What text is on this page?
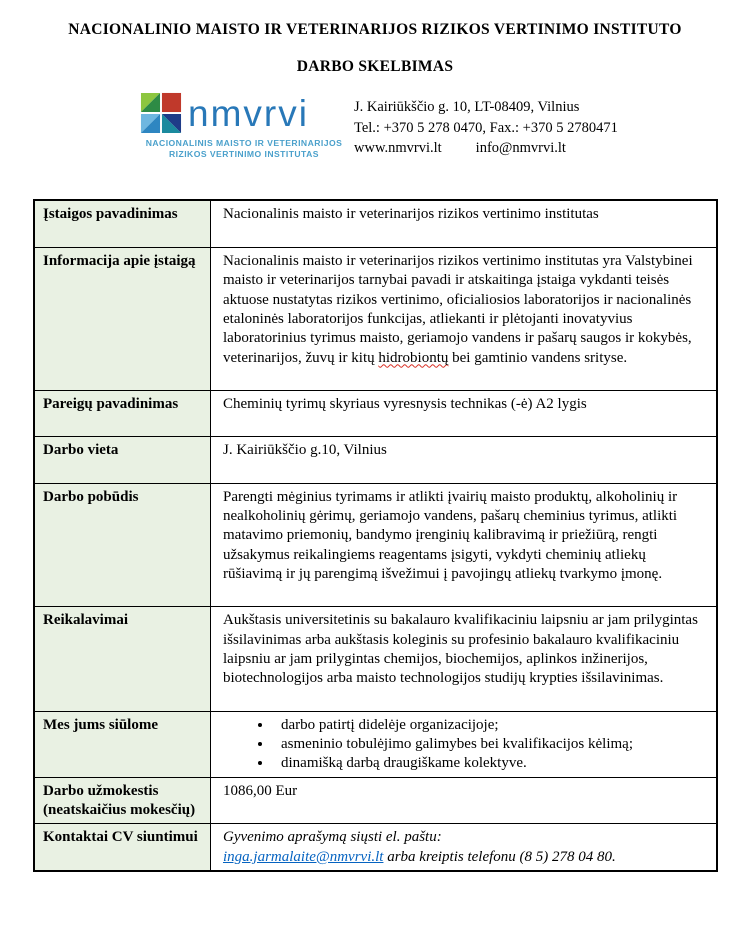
NACIONALINIO MAISTO IR VETERINARIJOS RIZIKOS VERTINIMO INSTITUTO
DARBO SKELBIMAS
nmvrvi
NACIONALINIS MAISTO IR VETERINARIJOS
RIZIKOS VERTINIMO INSTITUTAS
J. Kairiūkščio g. 10, LT-08409, Vilnius
Tel.: +370 5 278 0470, Fax.: +370 5 2780471
www.nmvrvi.lt info@nmvrvi.lt
Įstaigos pavadinimas	Nacionalinis maisto ir veterinarijos rizikos vertinimo institutas
Informacija apie įstaigą	Nacionalinis maisto ir veterinarijos rizikos vertinimo institutas yra Valstybinei maisto ir veterinarijos tarnybai pavadi ir atskaitinga įstaiga vykdanti teisės aktuose nustatytas rizikos vertinimo, oficialiosios laboratorijos ir nacionalinės etaloninės laboratorijos funkcijas, atliekanti ir plėtojanti inovatyvius laboratorinius tyrimus maisto, geriamojo vandens ir pašarų saugos ir kokybės, veterinarijos, žuvų ir kitų hidrobiontų bei gamtinio vandens srityse.
Pareigų pavadinimas	Cheminių tyrimų skyriaus vyresnysis technikas (-ė) A2 lygis
Darbo vieta	J. Kairiūkščio g.10, Vilnius
Darbo pobūdis	Parengti mėginius tyrimams ir atlikti įvairių maisto produktų, alkoholinių ir nealkoholinių gėrimų, geriamojo vandens, pašarų cheminius tyrimus, atlikti matavimo priemonių, bandymo įrenginių kalibravimą ir priežiūrą, rengti užsakymus reikalingiems reagentams įsigyti, vykdyti cheminių atliekų rūšiavimą ir jų parengimą išvežimui į pavojingų atliekų tvarkymo įmonę.
Reikalavimai	Aukštasis universitetinis su bakalauro kvalifikaciniu laipsniu ar jam prilygintas išsilavinimas arba aukštasis koleginis su profesinio bakalauro kvalifikaciniu laipsniu ar jam prilygintas chemijos, biochemijos, aplinkos inžinerijos, biotechnologijos arba maisto technologijos studijų krypties išsilavinimas.
Mes jums siūlome	
•darbo patirtį didelėje organizacijoje;
• asmeninio tobulėjimo galimybes bei kvalifikacijos kėlimą;
• dinamišką darbą draugiškame kolektyve.

Darbo užmokestis (neatskaičius mokesčių)	1086,00 Eur
Kontaktai CV siuntimui	Gyvenimo aprašymą siųsti el. paštu:
inga.jarmalaite@nmvrvi.lt arba kreiptis telefonu (8 5) 278 04 80.
